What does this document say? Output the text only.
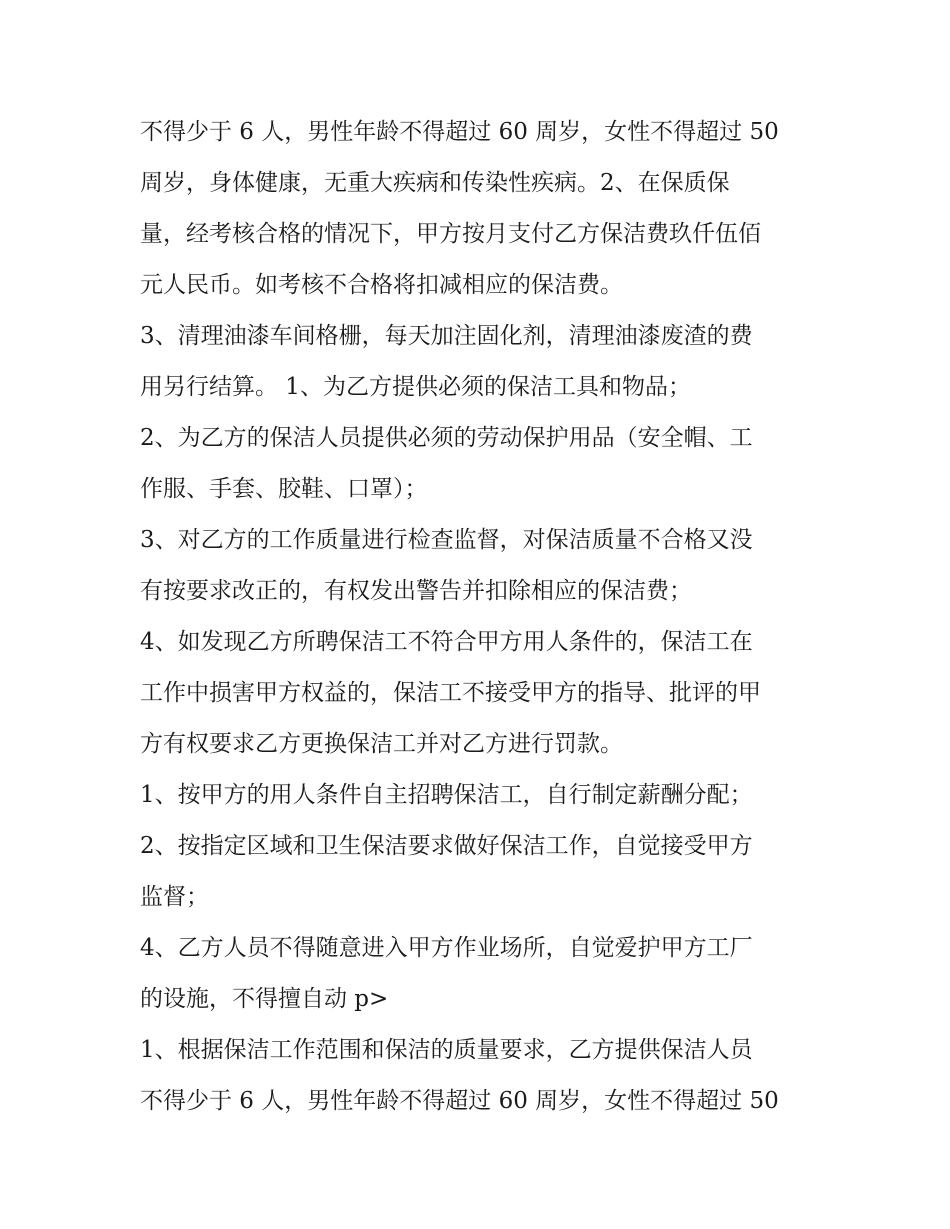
不得少于 6 人，男性年龄不得超过 60 周岁，女性不得超过 50
周岁，身体健康，无重大疾病和传染性疾病。2、在保质保
量，经考核合格的情况下，甲方按月支付乙方保洁费玖仟伍佰
元人民币。如考核不合格将扣减相应的保洁费。
3、清理油漆车间格栅，每天加注固化剂，清理油漆废渣的费
用另行结算。 1、为乙方提供必须的保洁工具和物品；
2、为乙方的保洁人员提供必须的劳动保护用品（安全帽、工
作服、手套、胶鞋、口罩）；
3、对乙方的工作质量进行检查监督，对保洁质量不合格又没
有按要求改正的，有权发出警告并扣除相应的保洁费；
4、如发现乙方所聘保洁工不符合甲方用人条件的，保洁工在
工作中损害甲方权益的，保洁工不接受甲方的指导、批评的甲
方有权要求乙方更换保洁工并对乙方进行罚款。
1、按甲方的用人条件自主招聘保洁工，自行制定薪酬分配；
2、按指定区域和卫生保洁要求做好保洁工作，自觉接受甲方
监督；
4、乙方人员不得随意进入甲方作业场所，自觉爱护甲方工厂
的设施，不得擅自动 p>
1、根据保洁工作范围和保洁的质量要求，乙方提供保洁人员
不得少于 6 人，男性年龄不得超过 60 周岁，女性不得超过 50
